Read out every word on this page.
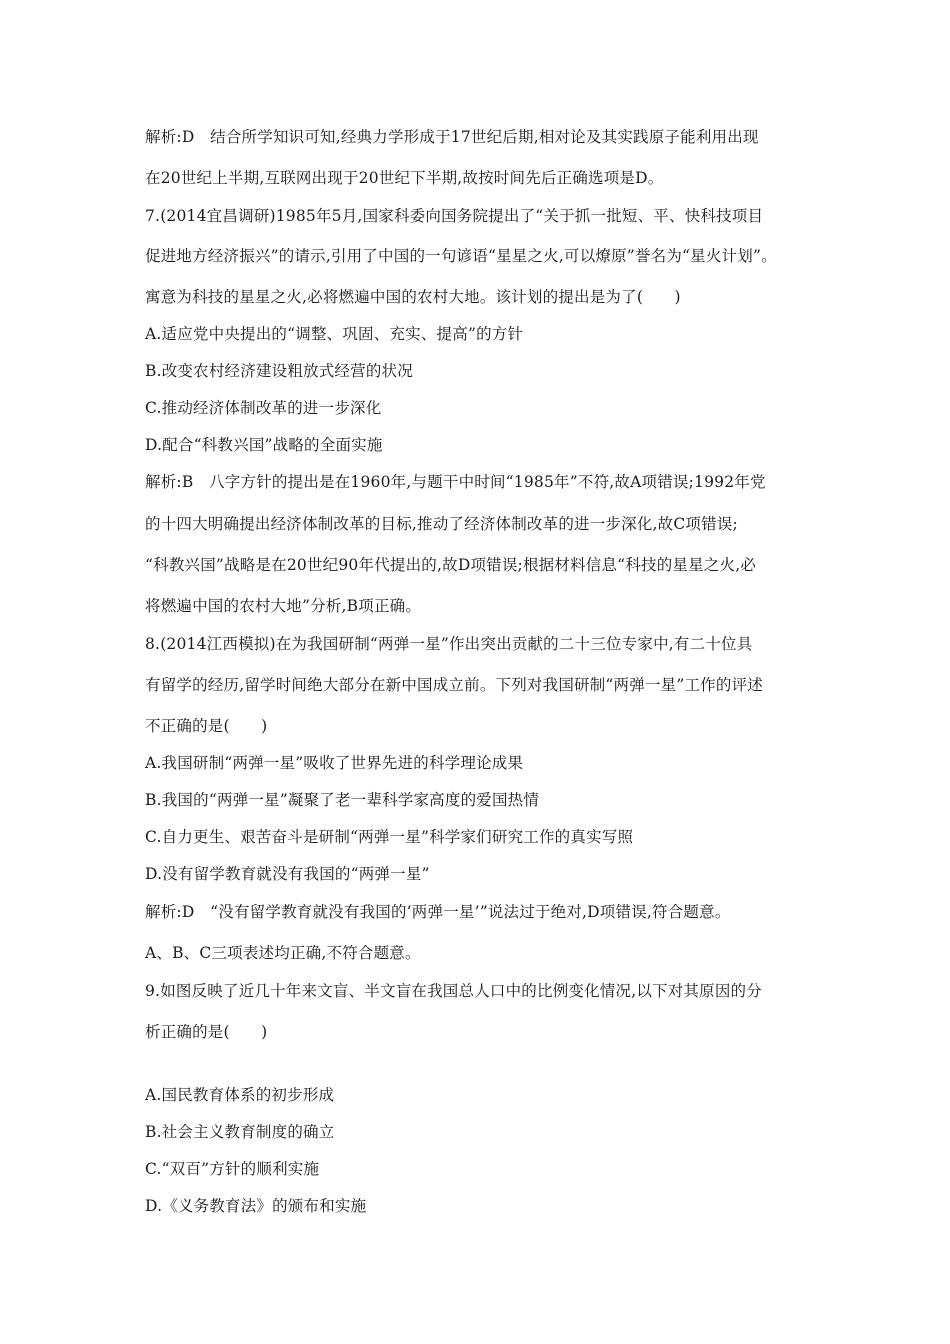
解析:D　结合所学知识可知,经典力学形成于17世纪后期,相对论及其实践原子能利用出现
在20世纪上半期,互联网出现于20世纪下半期,故按时间先后正确选项是D。
7.(2014宜昌调研)1985年5月,国家科委向国务院提出了“关于抓一批短、平、快科技项目
促进地方经济振兴”的请示,引用了中国的一句谚语“星星之火,可以燎原”誉名为“星火计划”。
寓意为科技的星星之火,必将燃遍中国的农村大地。该计划的提出是为了(　　)
A.适应党中央提出的“调整、巩固、充实、提高”的方针
B.改变农村经济建设粗放式经营的状况
C.推动经济体制改革的进一步深化
D.配合“科教兴国”战略的全面实施
解析:B　八字方针的提出是在1960年,与题干中时间“1985年”不符,故A项错误;1992年党
的十四大明确提出经济体制改革的目标,推动了经济体制改革的进一步深化,故C项错误;
“科教兴国”战略是在20世纪90年代提出的,故D项错误;根据材料信息“科技的星星之火,必
将燃遍中国的农村大地”分析,B项正确。
8.(2014江西模拟)在为我国研制“两弹一星”作出突出贡献的二十三位专家中,有二十位具
有留学的经历,留学时间绝大部分在新中国成立前。下列对我国研制“两弹一星”工作的评述
不正确的是(　　)
A.我国研制“两弹一星”吸收了世界先进的科学理论成果
B.我国的“两弹一星”凝聚了老一辈科学家高度的爱国热情
C.自力更生、艰苦奋斗是研制“两弹一星”科学家们研究工作的真实写照
D.没有留学教育就没有我国的“两弹一星”
解析:D　“没有留学教育就没有我国的‘两弹一星’”说法过于绝对,D项错误,符合题意。
A、B、C三项表述均正确,不符合题意。
9.如图反映了近几十年来文盲、半文盲在我国总人口中的比例变化情况,以下对其原因的分
析正确的是(　　)
A.国民教育体系的初步形成
B.社会主义教育制度的确立
C.“双百”方针的顺利实施
D.《义务教育法》的颁布和实施
